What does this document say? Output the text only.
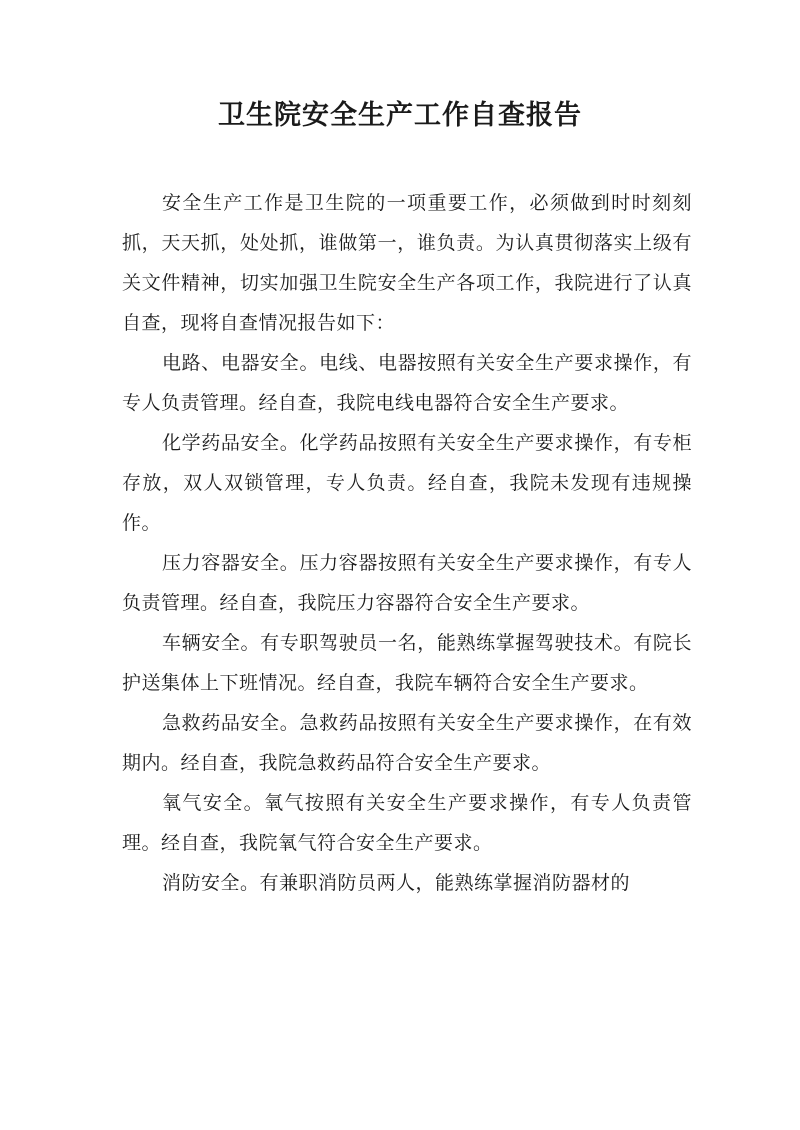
卫生院安全生产工作自查报告

安全生产工作是卫生院的一项重要工作，必须做到时时刻刻抓，天天抓，处处抓，谁做第一，谁负责。为认真贯彻落实上级有关文件精神，切实加强卫生院安全生产各项工作，我院进行了认真自查，现将自查情况报告如下：

电路、电器安全。电线、电器按照有关安全生产要求操作，有专人负责管理。经自查，我院电线电器符合安全生产要求。

化学药品安全。化学药品按照有关安全生产要求操作，有专柜存放，双人双锁管理，专人负责。经自查，我院未发现有违规操作。

压力容器安全。压力容器按照有关安全生产要求操作，有专人负责管理。经自查，我院压力容器符合安全生产要求。

车辆安全。有专职驾驶员一名，能熟练掌握驾驶技术。有院长护送集体上下班情况。经自查，我院车辆符合安全生产要求。

急救药品安全。急救药品按照有关安全生产要求操作，在有效期内。经自查，我院急救药品符合安全生产要求。

氧气安全。氧气按照有关安全生产要求操作，有专人负责管理。经自查，我院氧气符合安全生产要求。

消防安全。有兼职消防员两人，能熟练掌握消防器材的
